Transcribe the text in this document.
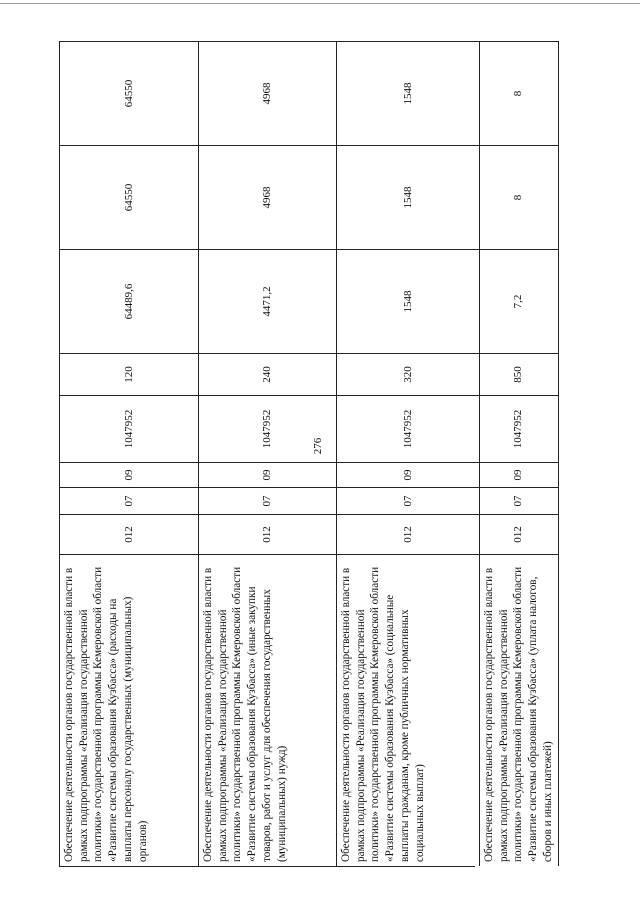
276
Обеспечение деятельности органов государственной власти в рамках подпрограммы «Реализация государственной политики» государственной программы Кемеровской области «Развитие системы образования Кузбасса» (расходы на выплаты персоналу государственных (муниципальных) органов)
012
07
09
1047952
120
64489,6
64550
64550
Обеспечение деятельности органов государственной власти в рамках подпрограммы «Реализация государственной политики» государственной программы Кемеровской области «Развитие системы образования Кузбасса» (иные закупки товаров, работ и услуг для обеспечения государственных (муниципальных) нужд)
012
07
09
1047952
240
4471,2
4968
4968
Обеспечение деятельности органов государственной власти в рамках подпрограммы «Реализация государственной политики» государственной программы Кемеровской области «Развитие системы образования Кузбасса» (социальные выплаты гражданам, кроме публичных нормативных социальных выплат)
012
07
09
1047952
320
1548
1548
1548
Обеспечение деятельности органов государственной власти в рамках подпрограммы «Реализация государственной политики» государственной программы Кемеровской области «Развитие системы образования Кузбасса» (уплата налогов, сборов и иных платежей)
012
07
09
1047952
850
7,2
8
8
